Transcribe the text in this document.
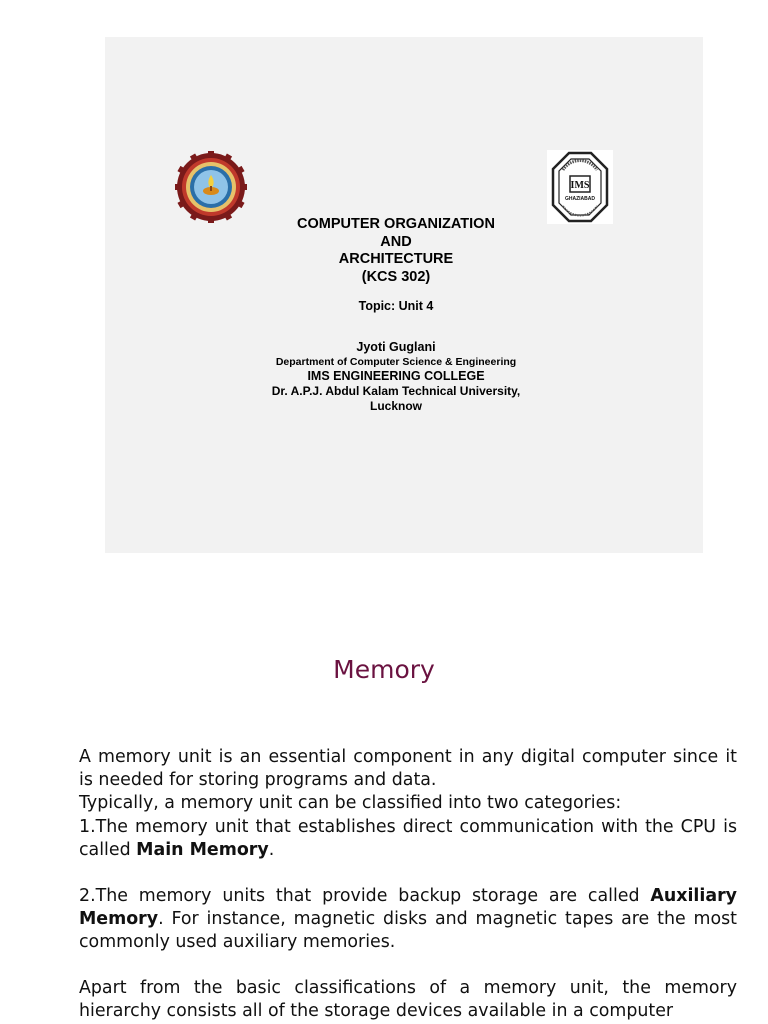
IMS
GHAZIABAD
COMPUTER ORGANIZATION
AND
ARCHITECTURE
(KCS 302)
Topic: Unit 4
Jyoti Guglani
Department of Computer Science & Engineering
IMS ENGINEERING COLLEGE
Dr. A.P.J. Abdul Kalam Technical University,
Lucknow
Memory

A memory unit is an essential component in any digital computer since it is needed for storing programs and data.

Typically, a memory unit can be classified into two categories:

1.The memory unit that establishes direct communication with the CPU is called Main Memory.

2.The memory units that provide backup storage are called Auxiliary Memory. For instance, magnetic disks and magnetic tapes are the most commonly used auxiliary memories.

Apart from the basic classifications of a memory unit, the memory hierarchy consists all of the storage devices available in a computer
